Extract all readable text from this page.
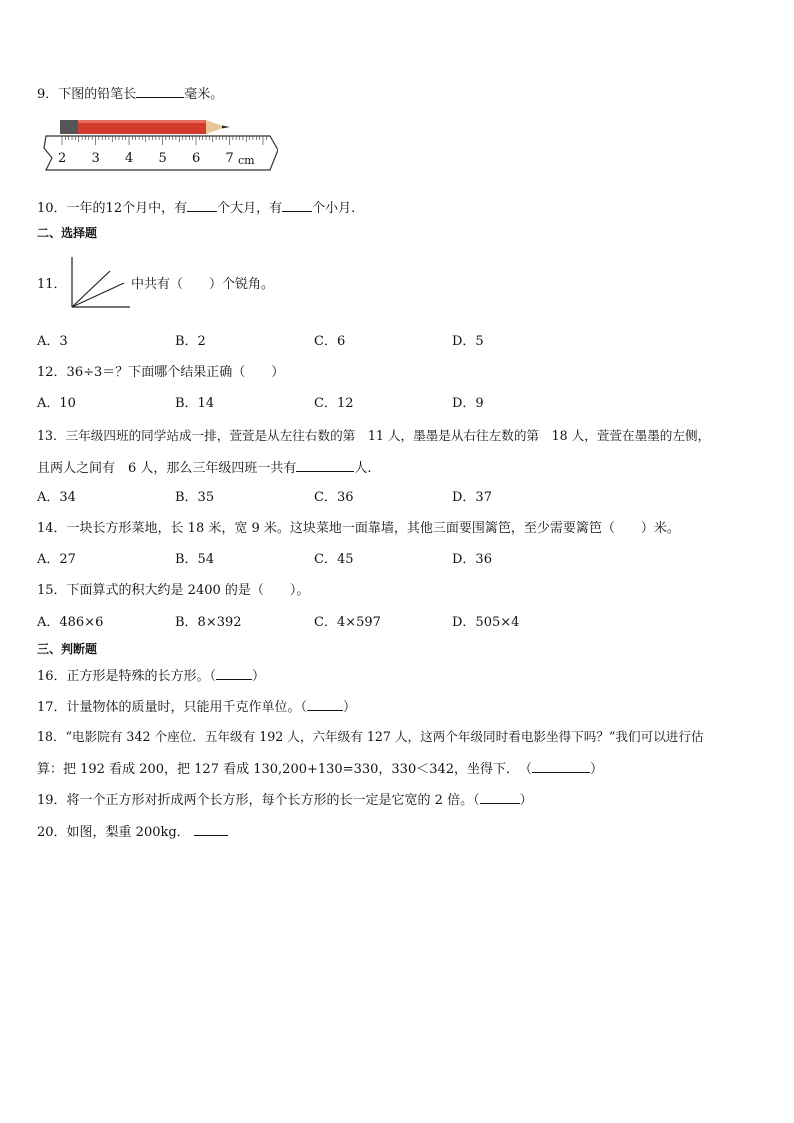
9．下图的铅笔长	毫米。
2 3 4 5 6 7 cm
10．一年的12个月中，有 个大月，有 个小月.
二、选择题
11．	中共有（　　）个锐角。
A．3	B．2	C．6	D．5
12．36÷3＝？下面哪个结果正确（　　）
A．10	B．14	C．12	D．9
13．三年级四班的同学站成一排，萱萱是从左往右数的第　11 人，墨墨是从右往左数的第　18 人，萱萱在墨墨的左侧，
且两人之间有　6 人，那么三年级四班一共有	人.
A．34	B．35	C．36	D．37
14．一块长方形菜地，长 18 米，宽 9 米。这块菜地一面靠墙，其他三面要围篱笆，至少需要篱笆（　　）米。
A．27	B．54	C．45	D．36
15．下面算式的积大约是 2400 的是（　　）。
A．486×6	B．8×392	C．4×597	D．505×4
三、判断题
16．正方形是特殊的长方形。（	）
17．计量物体的质量时，只能用千克作单位。（	）
18．“电影院有 342 个座位．五年级有 192 人，六年级有 127 人，这两个年级同时看电影坐得下吗？”我们可以进行估
算：把 192 看成 200，把 127 看成 130,200+130=330，330＜342，坐得下．　（	）
19．将一个正方形对折成两个长方形，每个长方形的长一定是它宽的 2 倍。（	）
20．如图，梨重 200kg．
